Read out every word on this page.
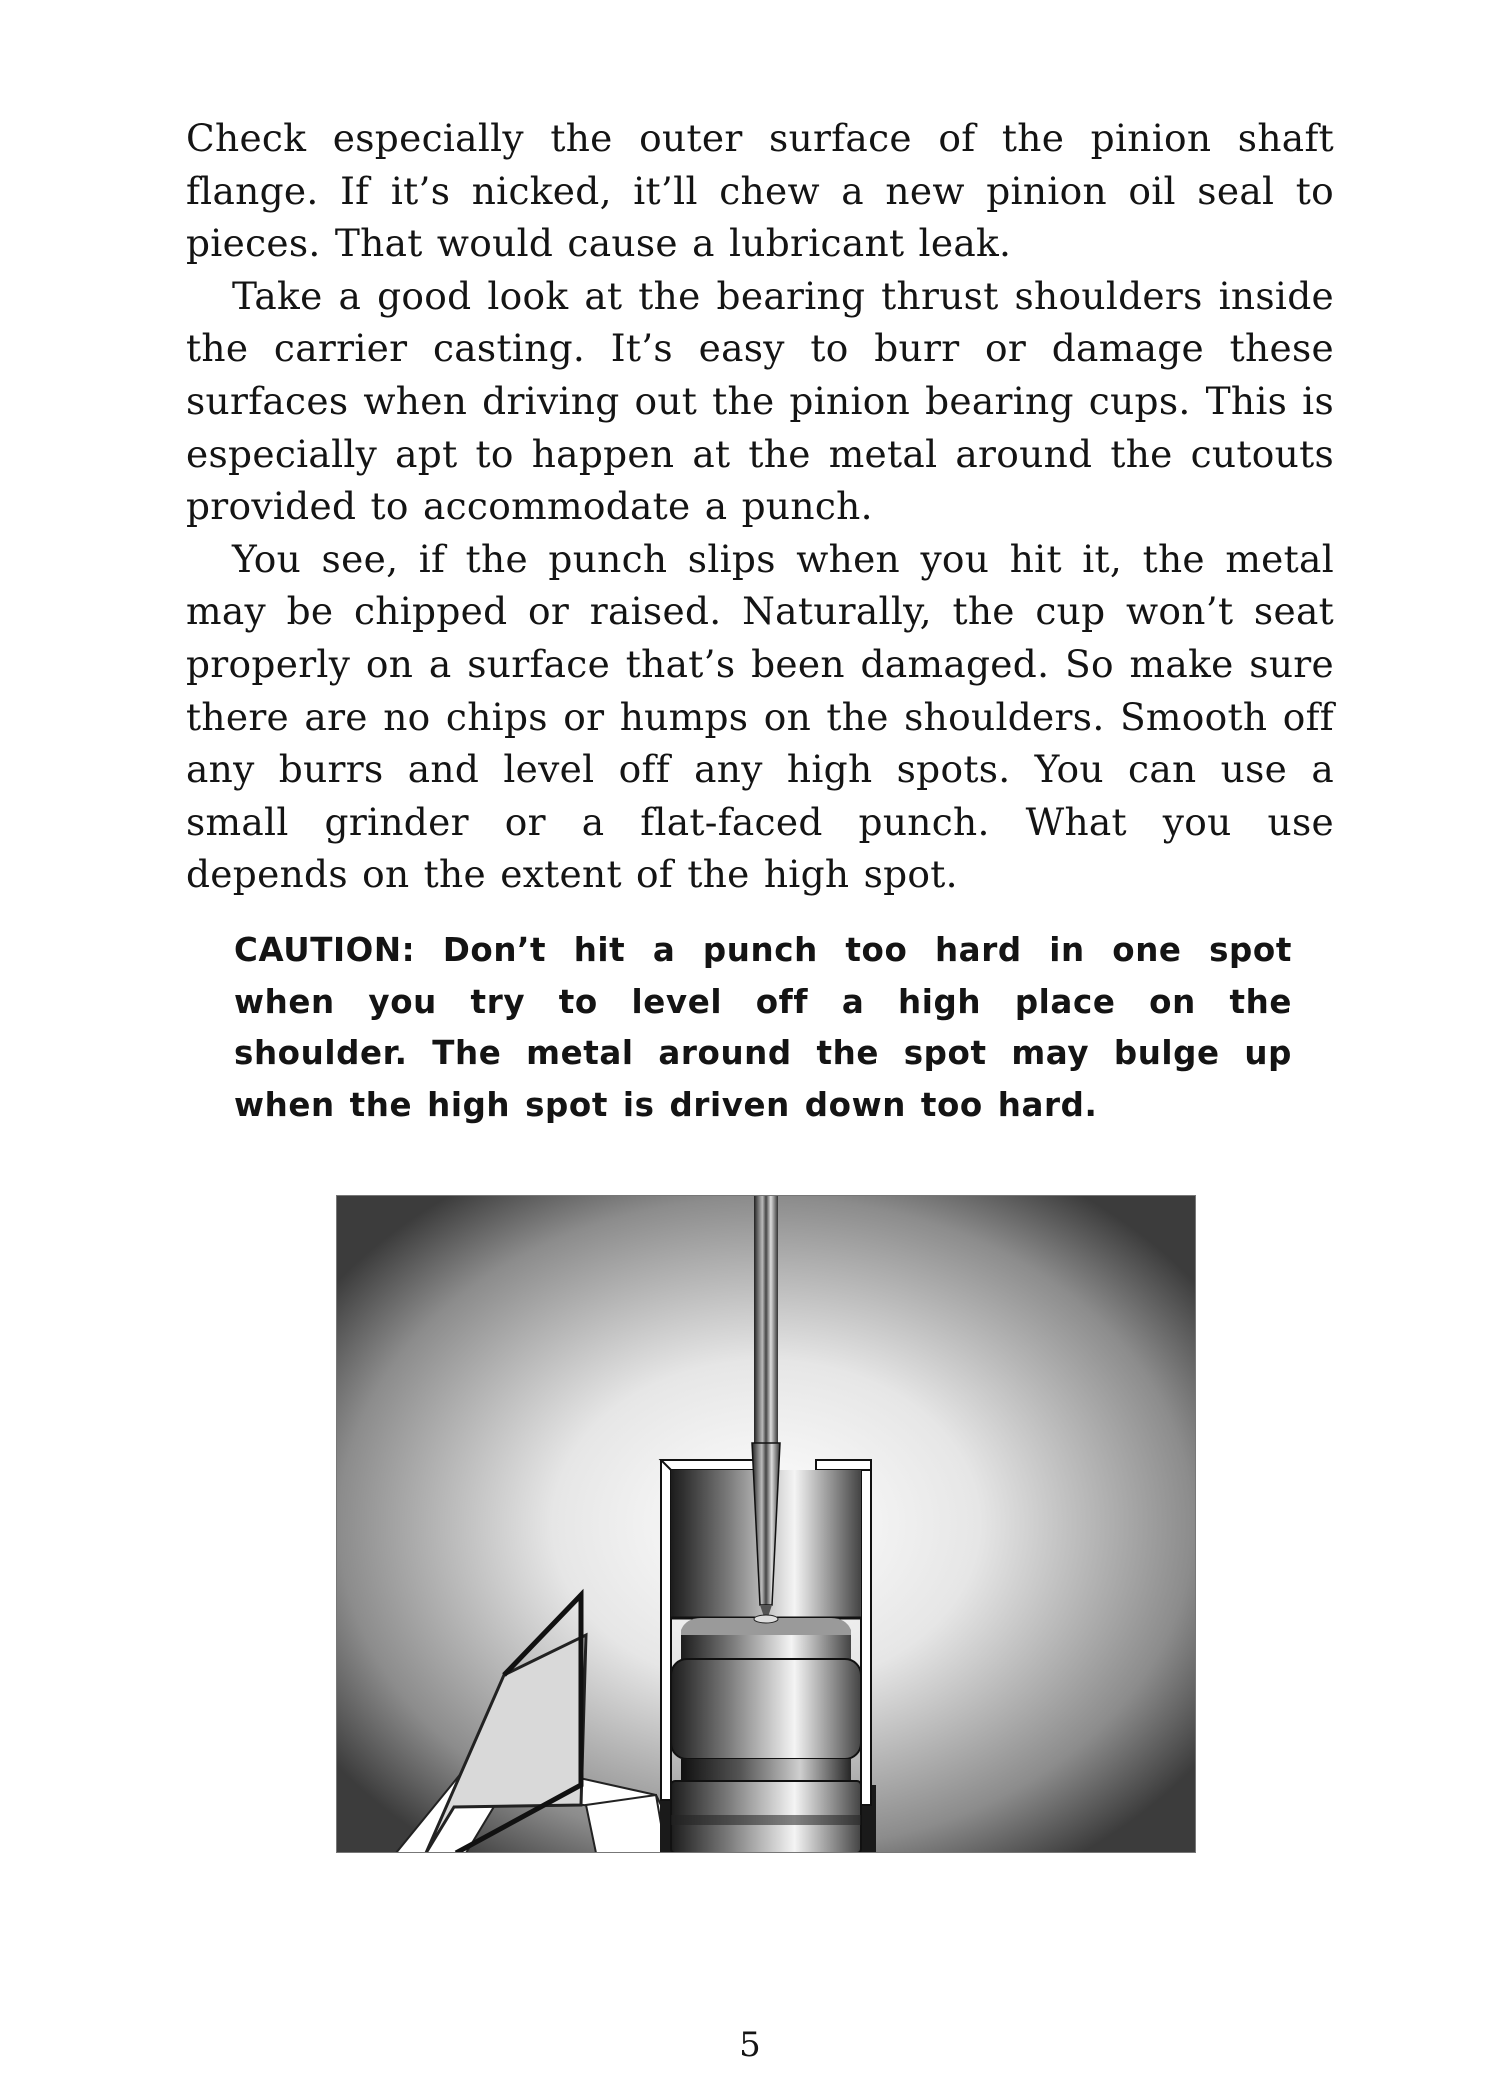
Check especially the outer surface of the pinion shaft flange. If it’s nicked, it’ll chew a new pinion oil seal to pieces. That would cause a lubricant leak.

Take a good look at the bearing thrust shoulders inside the carrier casting. It’s easy to burr or damage these surfaces when driving out the pinion bearing cups. This is especially apt to happen at the metal around the cutouts provided to accommodate a punch.

You see, if the punch slips when you hit it, the metal may be chipped or raised. Naturally, the cup won’t seat properly on a surface that’s been damaged. So make sure there are no chips or humps on the shoulders. Smooth off any burrs and level off any high spots. You can use a small grinder or a flat-faced punch. What you use depends on the extent of the high spot.

CAUTION: Don’t hit a punch too hard in one spot when you try to level off a high place on the shoulder. The metal around the spot may bulge up when the high spot is driven down too hard.

5
